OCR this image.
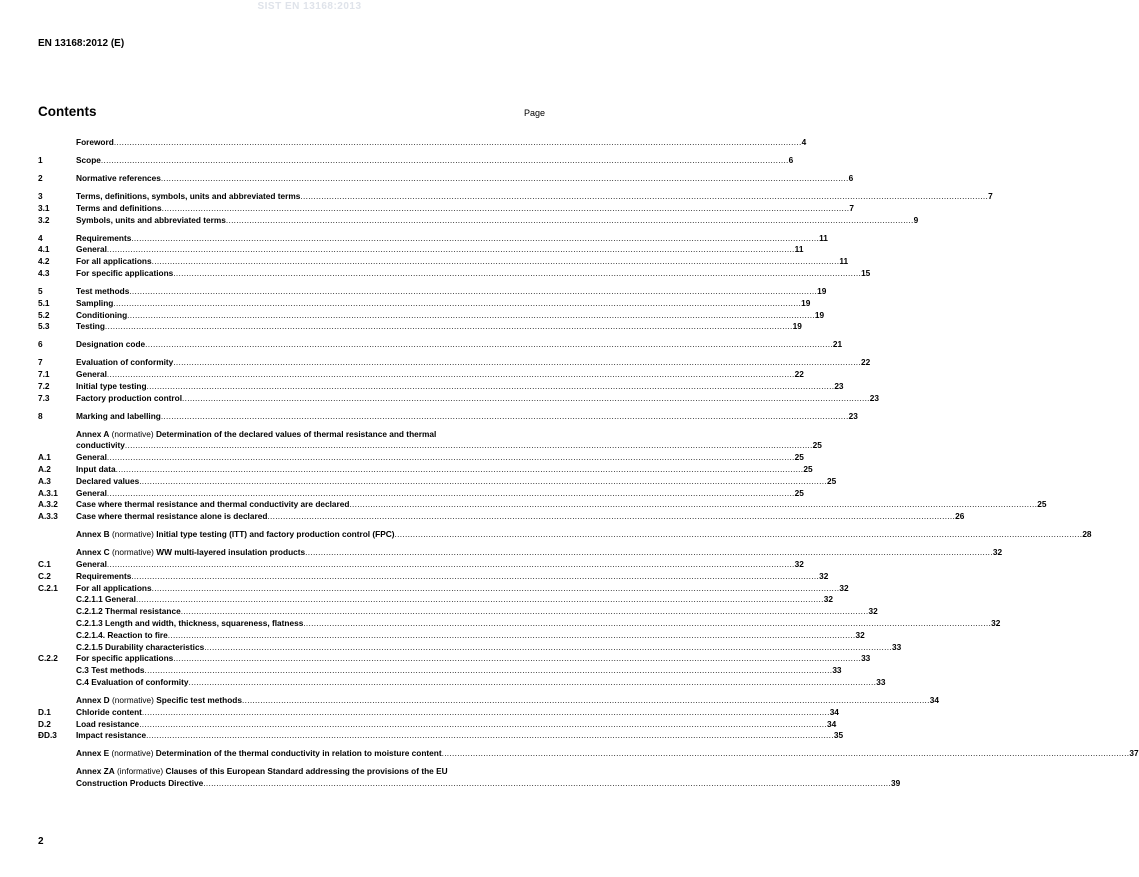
SIST EN 13168:2013
EN 13168:2012 (E)
Contents	Page
Foreword .....	4
1	Scope .....	6
2	Normative references .....	6
3	Terms, definitions, symbols, units and abbreviated terms .....	7
3.1	Terms and definitions .....	7
3.2	Symbols, units and abbreviated terms .....	9
4	Requirements .....	11
4.1	General .....	11
4.2	For all applications .....	11
4.3	For specific applications .....	15
5	Test methods .....	19
5.1	Sampling .....	19
5.2	Conditioning .....	19
5.3	Testing .....	19
6	Designation code .....	21
7	Evaluation of conformity .....	22
7.1	General .....	22
7.2	Initial type testing .....	23
7.3	Factory production control .....	23
8	Marking and labelling .....	23
Annex A (normative) Determination of the declared values of thermal resistance and thermal
conductivity .....	25
A.1	General .....	25
A.2	Input data .....	25
A.3	Declared values .....	25
A.3.1	General .....	25
A.3.2	Case where thermal resistance and thermal conductivity are declared .....	25
A.3.3	Case where thermal resistance alone is declared .....	26
Annex B (normative) Initial type testing (ITT) and factory production control (FPC) .....	28
Annex C (normative) WW multi-layered insulation products .....	32
C.1	General .....	32
C.2	Requirements .....	32
C.2.1	For all applications .....	32
C.2.1.1 General .....	32
C.2.1.2 Thermal resistance .....	32
C.2.1.3 Length and width, thickness, squareness, flatness .....	32
C.2.1.4. Reaction to fire .....	32
C.2.1.5 Durability characteristics .....	33
C.2.2	For specific applications .....	33
C.3 Test methods .....	33
C.4 Evaluation of conformity .....	33
Annex D (normative) Specific test methods .....	34
D.1	Chloride content .....	34
D.2	Load resistance .....	34
ƉD.3	Impact resistance .....	35
Annex E (normative) Determination of the thermal conductivity in relation to moisture content .....	37
Annex ZA (informative) Clauses of this European Standard addressing the provisions of the EU
Construction Products Directive .....	39
2
